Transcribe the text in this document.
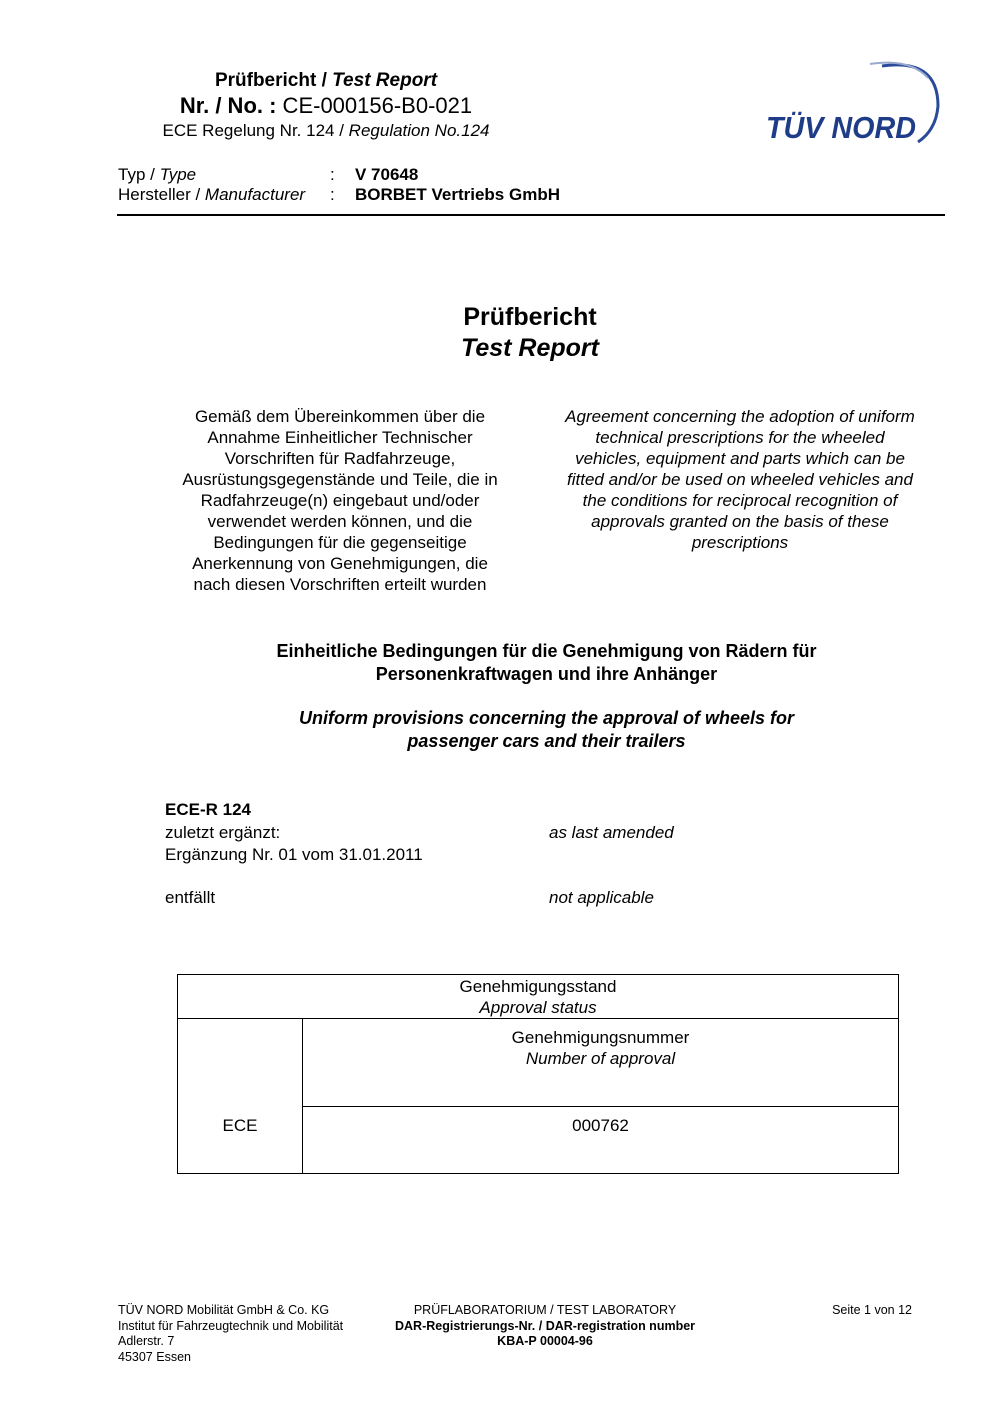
Prüfbericht / Test Report
Nr. / No. : CE-000156-B0-021
ECE Regelung Nr. 124 / Regulation No.124
Typ / Type	: V 70648
Hersteller / Manufacturer : BORBET Vertriebs GmbH
TÜV NORD
Prüfbericht
Test Report
Gemäß dem Übereinkommen über die
Annahme Einheitlicher Technischer
Vorschriften für Radfahrzeuge,
Ausrüstungsgegenstände und Teile, die in
Radfahrzeuge(n) eingebaut und/oder
verwendet werden können, und die
Bedingungen für die gegenseitige
Anerkennung von Genehmigungen, die
nach diesen Vorschriften erteilt wurden
Agreement concerning the adoption of uniform
technical prescriptions for the wheeled
vehicles, equipment and parts which can be
fitted and/or be used on wheeled vehicles and
the conditions for reciprocal recognition of
approvals granted on the basis of these
prescriptions
Einheitliche Bedingungen für die Genehmigung von Rädern für
Personenkraftwagen und ihre Anhänger
Uniform provisions concerning the approval of wheels for
passenger cars and their trailers
ECE-R 124
zuletzt ergänzt:	as last amended
Ergänzung Nr. 01 vom 31.01.2011
entfällt	not applicable
Genehmigungsstand
Approval status
Genehmigungsnummer
Number of approval
ECE	000762
TÜV NORD Mobilität GmbH & Co. KG
Institut für Fahrzeugtechnik und Mobilität
Adlerstr. 7
45307 Essen
PRÜFLABORATORIUM / TEST LABORATORY
DAR-Registrierungs-Nr. / DAR-registration number
KBA-P 00004-96
Seite 1 von 12
